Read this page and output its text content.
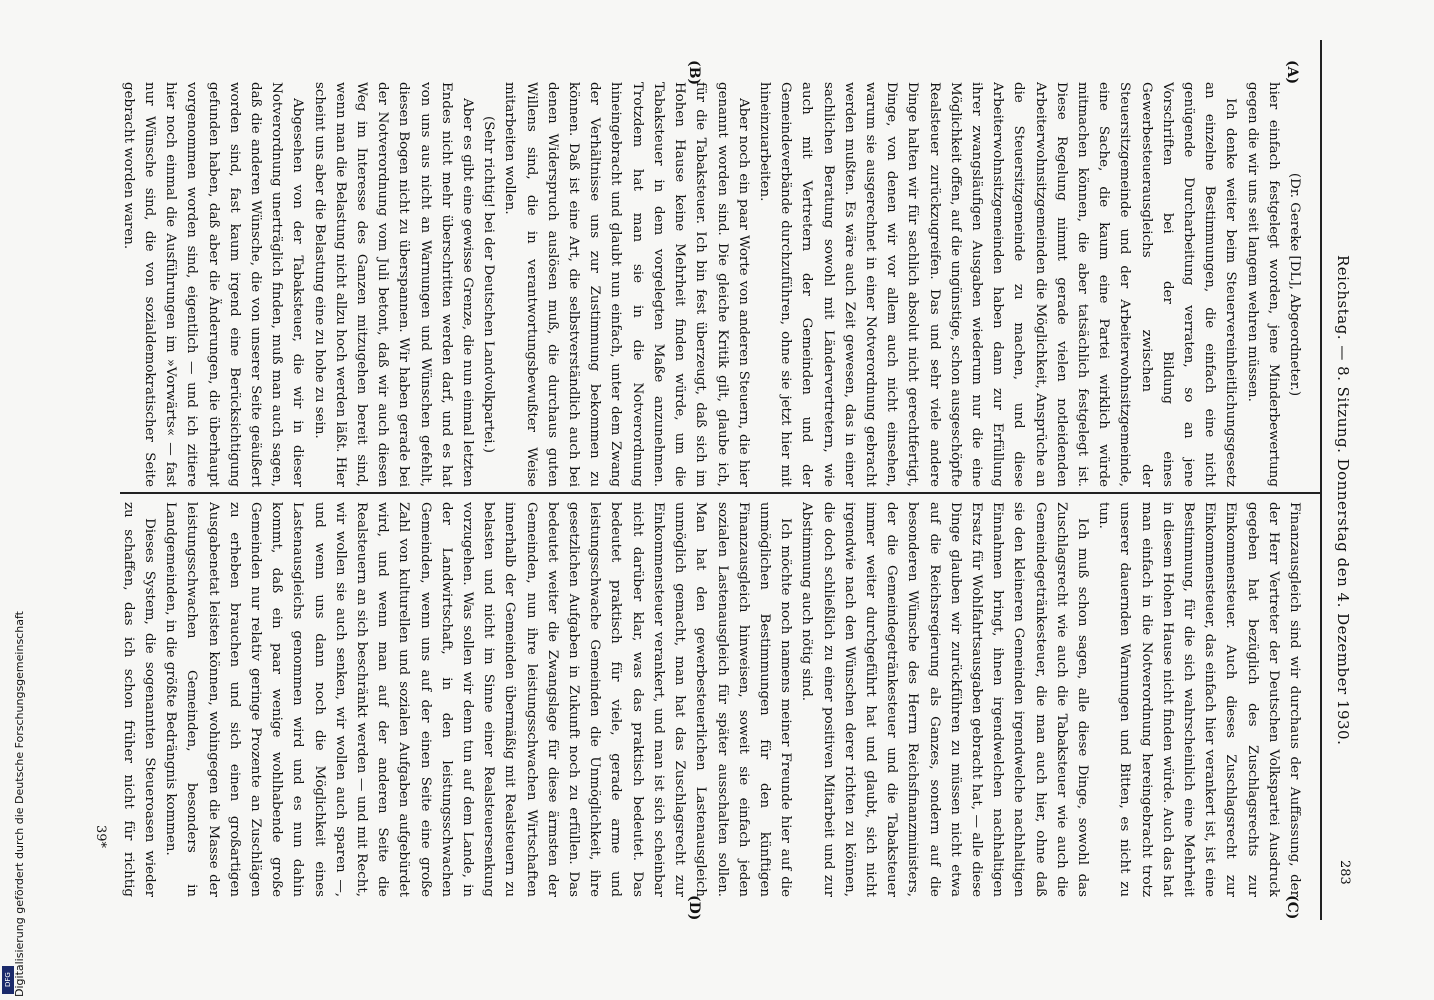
DFG Digitalisierung gefördert durch die Deutsche Forschungsgemeinschaft	283
Reichstag. — 8. Sitzung. Donnerstag den 4. Dezember 1930.
(A)
(B)
(C)
(D)

(Dr. Gereke [DL], Abgeordneter.)

hier einfach festgelegt worden, jene Minderbewertung gegen die wir uns seit langem wehren müssen.

Ich denke weiter beim Steuervereinheitlichungsgesetz an einzelne Bestimmungen, die einfach eine nicht genügende Durcharbeitung verraten, so an jene Vorschriften bei der Bildung eines Gewerbesteuerausgleichs zwischen der Steuersitzgemeinde und der Arbeiterwohnsitzgemeinde, eine Sache, die kaum eine Partei wirklich würde mitmachen können, die aber tatsächlich festgelegt ist. Diese Regelung nimmt gerade vielen notleidenden Arbeiterwohnsitzgemeinden die Möglichkeit, Ansprüche an die Steuersitzgemeinde zu machen, und diese Arbeiterwohnsitzgemeinden haben dann zur Erfüllung ihrer zwangsläufigen Ausgaben wiederum nur die eine Möglichkeit offen, auf die ungünstige, schon ausgeschöpfte Realsteuer zurückzugreifen. Das und sehr viele andere Dinge halten wir für sachlich absolut nicht gerechtfertigt, Dinge, von denen wir vor allem auch nicht einsehen, warum sie ausgerechnet in einer Notverordnung gebracht werden mußten. Es wäre auch Zeit gewesen, das in einer sachlichen Beratung sowohl mit Ländervertretern, wie auch mit Vertretern der Gemeinden und der Gemeindeverbände durchzuführen, ohne sie jetzt hier mit hineinzuarbeiten.

Aber noch ein paar Worte von anderen Steuern, die hier genannt worden sind. Die gleiche Kritik gilt, glaube ich, für die Tabaksteuer. Ich bin fest überzeugt, daß sich im Hohen Hause keine Mehrheit finden würde, um die Tabaksteuer in dem vorgelegten Maße anzunehmen. Trotzdem hat man sie in die Notverordnung hineingebracht und glaubt nun einfach, unter dem Zwang der Verhältnisse uns zur Zustimmung bekommen zu können. Daß ist eine Art, die selbstverständlich auch bei denen Widerspruch auslösen muß, die durchaus guten Willens sind, die in verantwortungsbewußter Weise mitarbeiten wollen.

(Sehr richtig! bei der Deutschen Landvolkpartei.)

Aber es gibt eine gewisse Grenze, die nun einmal letzten Endes nicht mehr überschritten werden darf, und es hat von uns aus nicht an Warnungen und Wünschen gefehlt, diesen Bogen nicht zu überspannen. Wir haben gerade bei der Notverordnung vom Juli betont, daß wir auch diesen Weg im Interesse des Ganzen mitzugehen bereit sind, wenn man die Belastung nicht allzu hoch werden läßt. Hier scheint uns aber die Belastung eine zu hohe zu sein.

Abgesehen von der Tabaksteuer, die wir in dieser Notverordnung unerträglich finden, muß man auch sagen, daß die anderen Wünsche, die von unserer Seite geäußert worden sind, fast kaum irgend eine Berücksichtigung gefunden haben, daß aber die Änderungen, die überhaupt vorgenommen worden sind, eigentlich — und ich zitiere hier noch einmal die Ausführungen im »Vorwärts« — fast nur Wünsche sind, die von sozialdemokratischer Seite gebracht worden waren.

Finanzausgleich sind wir durchaus der Auffassung, der der Herr Vertreter der Deutschen Volkspartei Ausdruck gegeben hat bezüglich des Zuschlagsrechts zur Einkommensteuer. Auch dieses Zuschlagsrecht zur Einkommensteuer, das einfach hier verankert ist, ist eine Bestimmung, für die sich wahrscheinlich eine Mehrheit in diesem Hohen Hause nicht finden würde. Auch das hat man einfach in die Notverordnung hereingebracht trotz unserer dauernden Warnungen und Bitten, es nicht zu tun.

Ich muß schon sagen, alle diese Dinge, sowohl das Zuschlagsrecht wie auch die Tabaksteuer wie auch die Gemeindegetränkesteuer, die man auch hier, ohne daß sie den kleineren Gemeinden irgendwelche nachhaltigen Einnahmen bringt, ihnen irgendwelchen nachhaltigen Ersatz für Wohlfahrtsausgaben gebracht hat, — alle diese Dinge glauben wir zurückführen zu müssen nicht etwa auf die Reichsregierung als Ganzes, sondern auf die besonderen Wünsche des Herrn Reichsfinanzministers, der die Gemeindegetränkesteuer und die Tabaksteuer immer weiter durchgeführt hat und glaubt, sich nicht irgendwie nach den Wünschen derer richten zu können, die doch schließlich zu einer positiven Mitarbeit und zur Abstimmung auch nötig sind.

Ich möchte noch namens meiner Freunde hier auf die unmöglichen Bestimmungen für den künftigen Finanzausgleich hinweisen, soweit sie einfach jeden sozialen Lastenausgleich für später ausschalten sollen. Man hat den gewerbesteuerlichen Lastenausgleich unmöglich gemacht, man hat das Zuschlagsrecht zur Einkommensteuer verankert, und man ist sich scheinbar nicht darüber klar, was das praktisch bedeutet. Das bedeutet praktisch für viele, gerade arme und leistungsschwache Gemeinden die Unmöglichkeit, ihre gesetzlichen Aufgaben in Zukunft noch zu erfüllen. Das bedeutet weiter die Zwangslage für diese ärmsten der Gemeinden, nun ihre leistungsschwachen Wirtschaften innerhalb der Gemeinden übermäßig mit Realsteuern zu belasten und nicht im Sinne einer Realsteuersenkung vorzugehen. Was sollen wir denn tun auf dem Lande, in der Landwirtschaft, in den leistungsschwachen Gemeinden, wenn uns auf der einen Seite eine große Zahl von kulturellen und sozialen Aufgaben aufgebürdet wird, und wenn man auf der anderen Seite die Realsteuern an sich beschränkt werden — und mit Recht, wir wollen sie auch senken, wir wollen auch sparen —, und wenn uns dann noch die Möglichkeit eines Lastenausgleichs genommen wird und es nun dahin kommt, daß ein paar wenige wohlhabende große Gemeinden nur relativ geringe Prozente an Zuschlägen zu erheben brauchen und sich einen großartigen Ausgabenetat leisten können, wohingegen die Masse der leistungsschwachen Gemeinden, besonders in Landgemeinden, in die größte Bedrängnis kommen.

Dieses System, die sogenannten Steueroasen wieder zu schaffen, das ich schon früher nicht für richtig

39*
